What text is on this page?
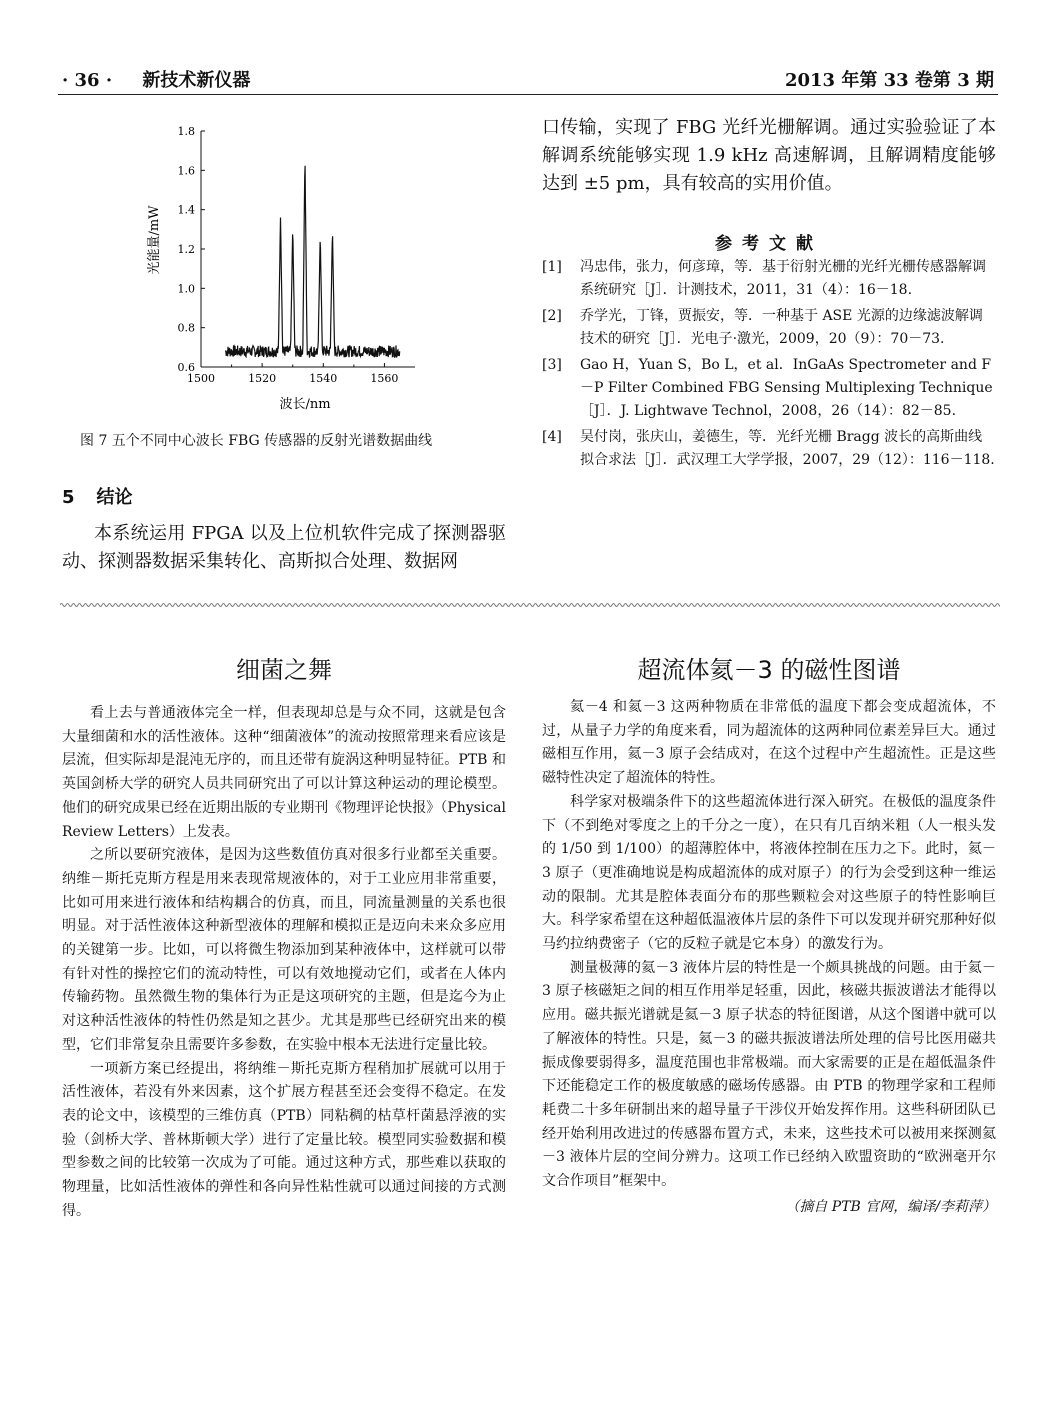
· 36 · 新技术新仪器	2013 年第 33 卷第 3 期
0.6
0.8
1.0
1.2
1.4
1.6
1.8
1500	1520	1540	1560
光能量/mW
波长/nm
图 7 五个不同中心波长 FBG 传感器的反射光谱数据曲线
5 结论
本系统运用 FPGA 以及上位机软件完成了探测器驱动、探测器数据采集转化、高斯拟合处理、数据网
口传输，实现了 FBG 光纤光栅解调。通过实验验证了本解调系统能够实现 1.9 kHz 高速解调，且解调精度能够达到 ±5 pm，具有较高的实用价值。
参考文献
[1]	冯忠伟，张力，何彦璋，等．基于衍射光栅的光纤光栅传感器解调系统研究［J］．计测技术，2011，31（4）：16－18.
[2]	乔学光，丁锋，贾振安，等．一种基于 ASE 光源的边缘滤波解调技术的研究［J］．光电子·激光，2009，20（9）：70－73.
[3]	Gao H，Yuan S，Bo L，et al．InGaAs Spectrometer and F－P Filter Combined FBG Sensing Multiplexing Technique［J］．J. Lightwave Technol，2008，26（14）：82－85.
[4]	吴付岗，张庆山，姜德生，等．光纤光栅 Bragg 波长的高斯曲线拟合求法［J］．武汉理工大学学报，2007，29（12）：116－118.
细菌之舞	超流体氦－3 的磁性图谱

看上去与普通液体完全一样，但表现却总是与众不同，这就是包含大量细菌和水的活性液体。这种“细菌液体”的流动按照常理来看应该是层流，但实际却是混沌无序的，而且还带有旋涡这种明显特征。PTB 和英国剑桥大学的研究人员共同研究出了可以计算这种运动的理论模型。他们的研究成果已经在近期出版的专业期刊《物理评论快报》（Physical Review Letters）上发表。

之所以要研究液体，是因为这些数值仿真对很多行业都至关重要。纳维－斯托克斯方程是用来表现常规液体的，对于工业应用非常重要，比如可用来进行液体和结构耦合的仿真，而且，同流量测量的关系也很明显。对于活性液体这种新型液体的理解和模拟正是迈向未来众多应用的关键第一步。比如，可以将微生物添加到某种液体中，这样就可以带有针对性的操控它们的流动特性，可以有效地搅动它们，或者在人体内传输药物。虽然微生物的集体行为正是这项研究的主题，但是迄今为止对这种活性液体的特性仍然是知之甚少。尤其是那些已经研究出来的模型，它们非常复杂且需要许多参数，在实验中根本无法进行定量比较。

一项新方案已经提出，将纳维－斯托克斯方程稍加扩展就可以用于活性液体，若没有外来因素，这个扩展方程甚至还会变得不稳定。在发表的论文中，该模型的三维仿真（PTB）同粘稠的枯草杆菌悬浮液的实验（剑桥大学、普林斯顿大学）进行了定量比较。模型同实验数据和模型参数之间的比较第一次成为了可能。通过这种方式，那些难以获取的物理量，比如活性液体的弹性和各向异性粘性就可以通过间接的方式测得。

氦－4 和氦－3 这两种物质在非常低的温度下都会变成超流体，不过，从量子力学的角度来看，同为超流体的这两种同位素差异巨大。通过磁相互作用，氦－3 原子会结成对，在这个过程中产生超流性。正是这些磁特性决定了超流体的特性。

科学家对极端条件下的这些超流体进行深入研究。在极低的温度条件下（不到绝对零度之上的千分之一度），在只有几百纳米粗（人一根头发的 1/50 到 1/100）的超薄腔体中，将液体控制在压力之下。此时，氦－3 原子（更准确地说是构成超流体的成对原子）的行为会受到这种一维运动的限制。尤其是腔体表面分布的那些颗粒会对这些原子的特性影响巨大。科学家希望在这种超低温液体片层的条件下可以发现并研究那种好似马约拉纳费密子（它的反粒子就是它本身）的激发行为。

测量极薄的氦－3 液体片层的特性是一个颇具挑战的问题。由于氦－3 原子核磁矩之间的相互作用举足轻重，因此，核磁共振波谱法才能得以应用。磁共振光谱就是氦－3 原子状态的特征图谱，从这个图谱中就可以了解液体的特性。只是，氦－3 的磁共振波谱法所处理的信号比医用磁共振成像要弱得多，温度范围也非常极端。而大家需要的正是在超低温条件下还能稳定工作的极度敏感的磁场传感器。由 PTB 的物理学家和工程师耗费二十多年研制出来的超导量子干涉仪开始发挥作用。这些科研团队已经开始利用改进过的传感器布置方式，未来，这些技术可以被用来探测氦－3 液体片层的空间分辨力。这项工作已经纳入欧盟资助的“欧洲毫开尔文合作项目”框架中。

（摘自 PTB 官网，编译/李莉萍）
